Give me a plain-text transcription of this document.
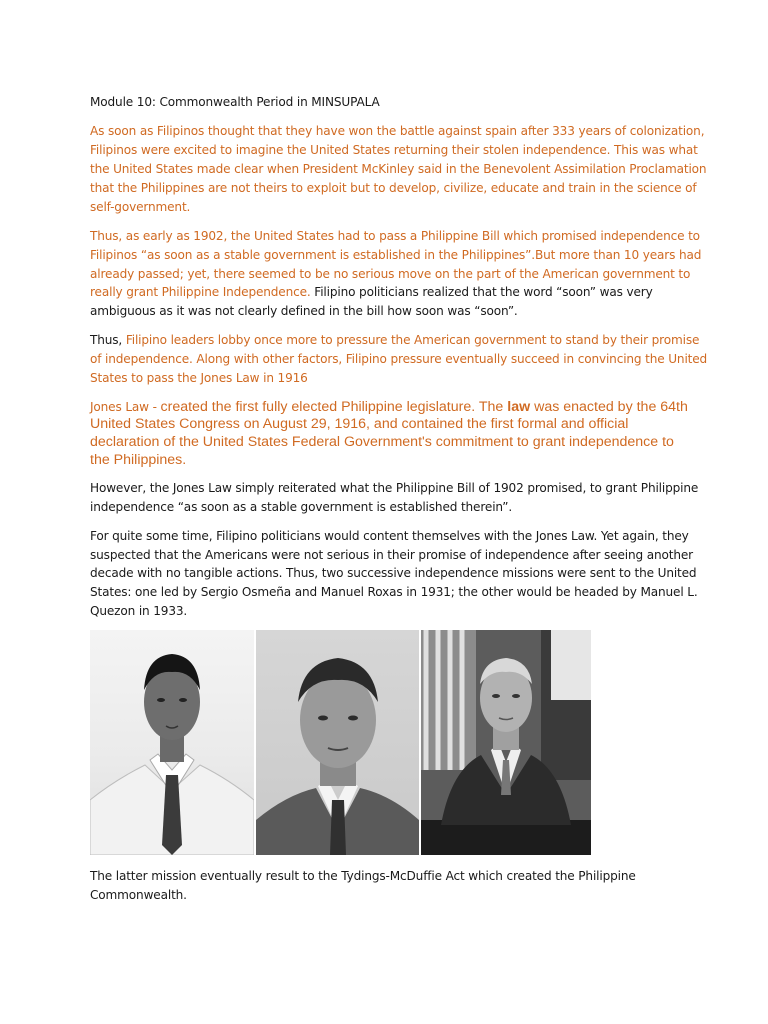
Module 10: Commonwealth Period in MINSUPALA
As soon as Filipinos thought that they have won the battle against spain after 333 years of colonization,
Filipinos were excited to imagine the United States returning their stolen independence. This was what
the United States made clear when President McKinley said in the Benevolent Assimilation Proclamation
that the Philippines are not theirs to exploit but to develop, civilize, educate and train in the science of
self-government.
Thus, as early as 1902, the United States had to pass a Philippine Bill which promised independence to
Filipinos “as soon as a stable government is established in the Philippines”.But more than 10 years had
already passed; yet, there seemed to be no serious move on the part of the American government to
really grant Philippine Independence. Filipino politicians realized that the word “soon” was very
ambiguous as it was not clearly defined in the bill how soon was “soon”.
Thus, Filipino leaders lobby once more to pressure the American government to stand by their promise
of independence. Along with other factors, Filipino pressure eventually succeed in convincing the United
States to pass the Jones Law in 1916
Jones Law - created the first fully elected Philippine legislature. The law was enacted by the 64th
United States Congress on August 29, 1916, and contained the first formal and official
declaration of the United States Federal Government's commitment to grant independence to
the Philippines.
However, the Jones Law simply reiterated what the Philippine Bill of 1902 promised, to grant Philippine
independence “as soon as a stable government is established therein”.
For quite some time, Filipino politicians would content themselves with the Jones Law. Yet again, they
suspected that the Americans were not serious in their promise of independence after seeing another
decade with no tangible actions. Thus, two successive independence missions were sent to the United
States: one led by Sergio Osmeña and Manuel Roxas in 1931; the other would be headed by Manuel L.
Quezon in 1933.
The latter mission eventually result to the Tydings-McDuffie Act which created the Philippine
Commonwealth.
